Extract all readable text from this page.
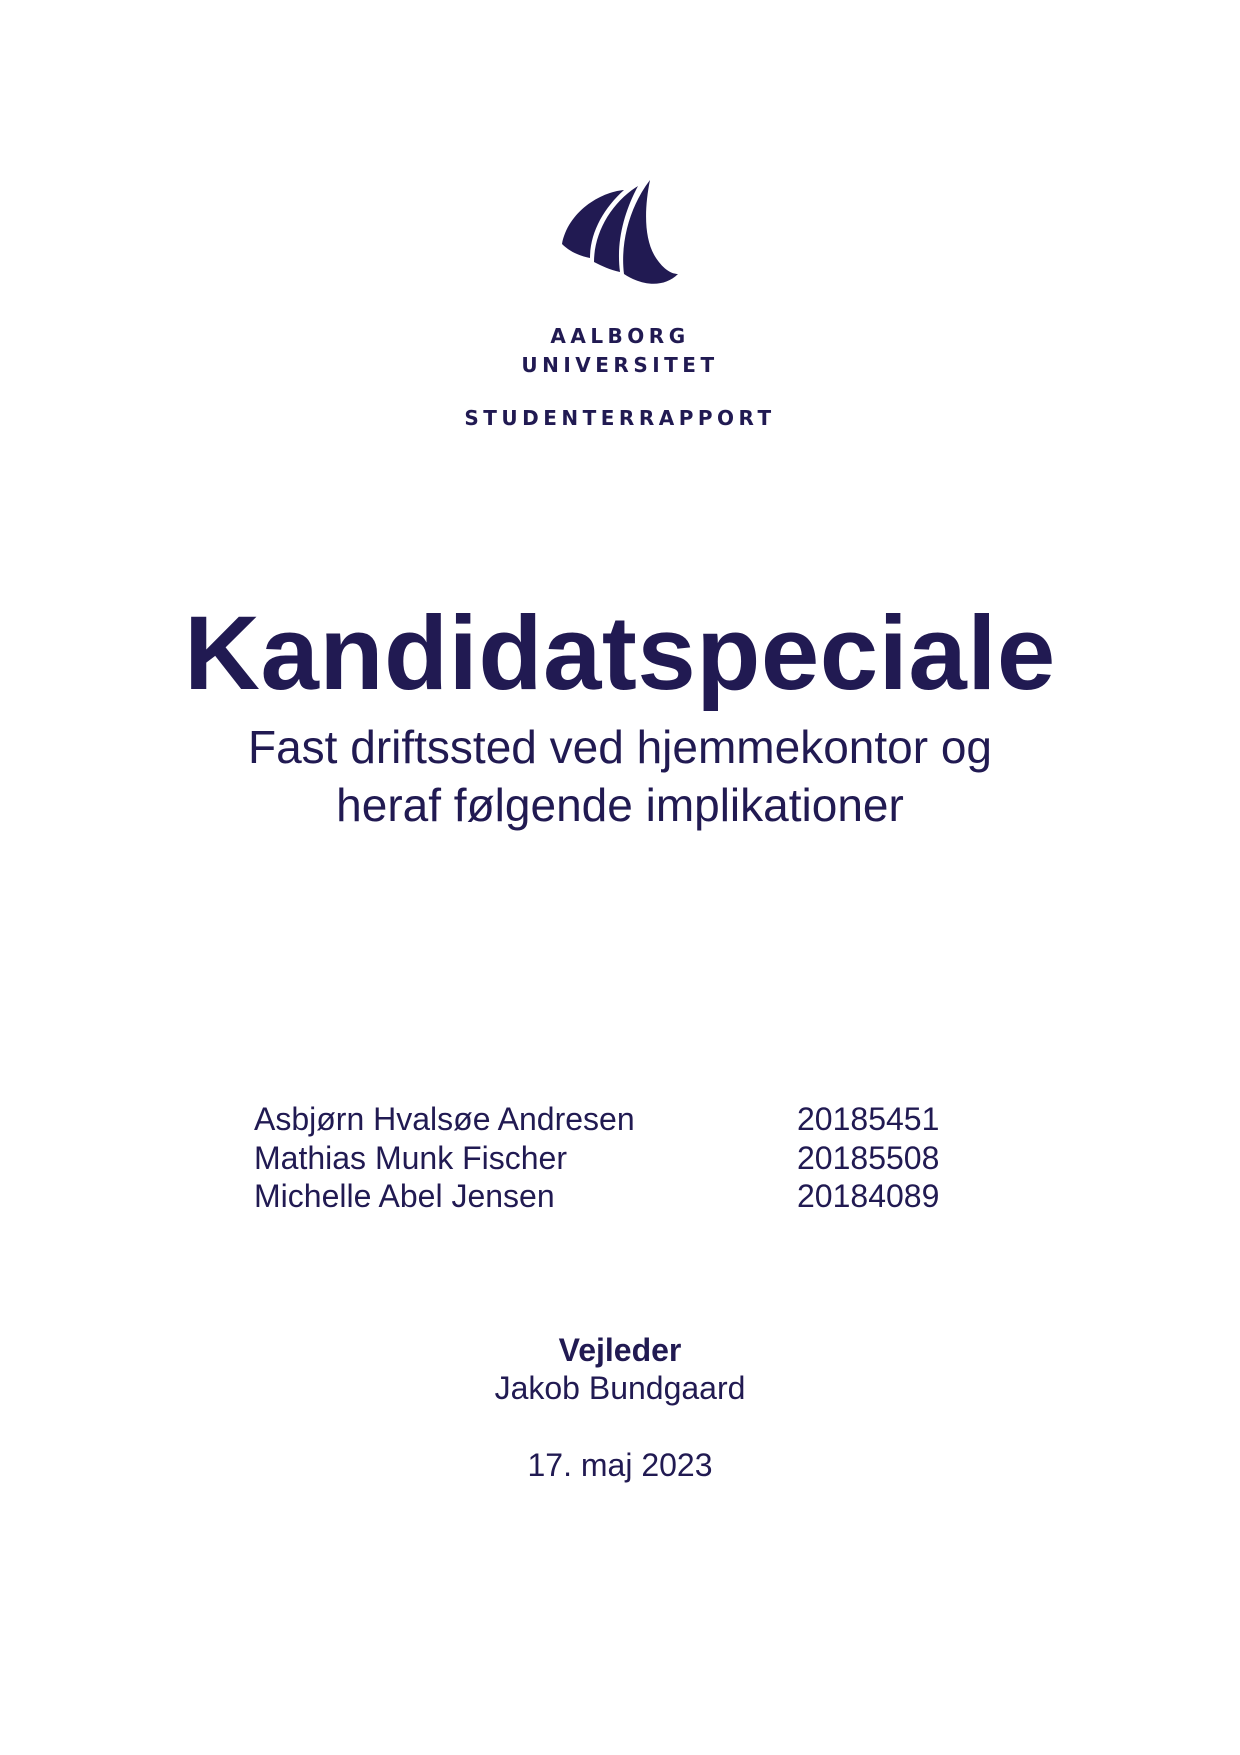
AALBORG
UNIVERSITET
STUDENTERRAPPORT
Kandidatspeciale
Fast driftssted ved hjemmekontor og
heraf følgende implikationer
Asbjørn Hvalsøe Andresen	20185451
Mathias Munk Fischer	20185508
Michelle Abel Jensen	20184089
Vejleder
Jakob Bundgaard
17. maj 2023
